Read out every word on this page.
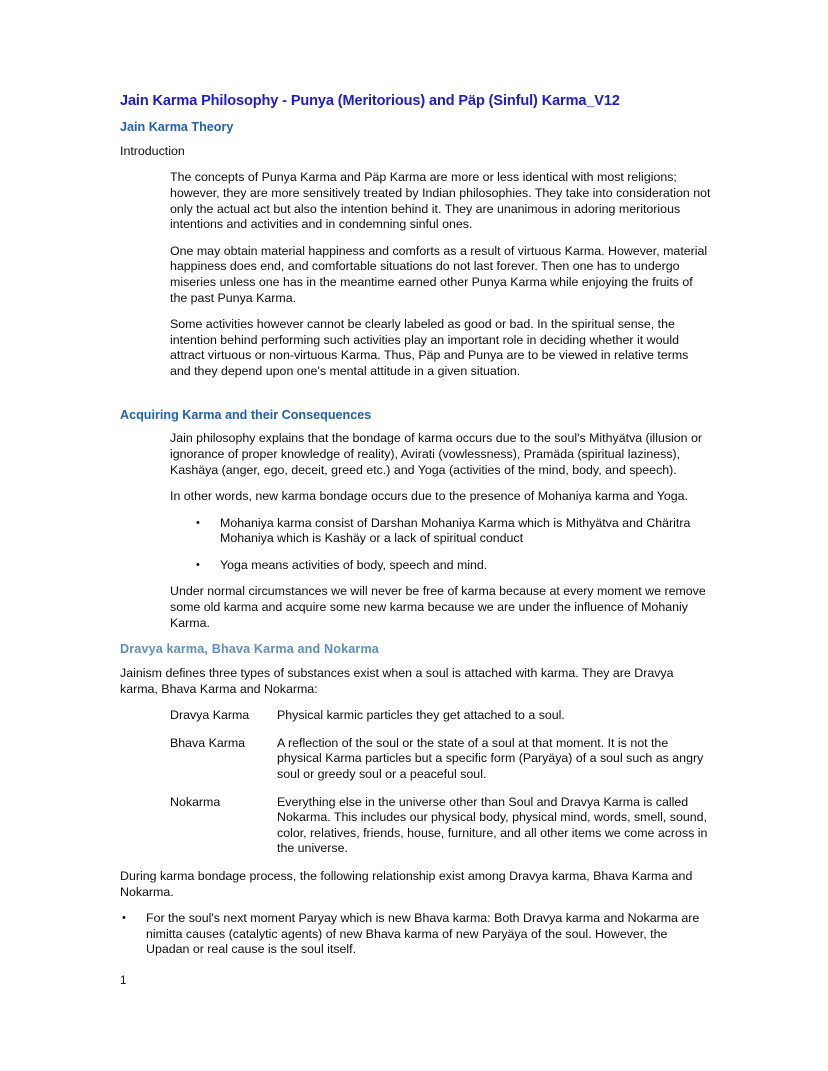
Jain Karma Philosophy - Punya (Meritorious) and Päp (Sinful) Karma_V12
Jain Karma Theory

Introduction

The concepts of Punya Karma and Päp Karma are more or less identical with most religions; however, they are more sensitively treated by Indian philosophies. They take into consideration not only the actual act but also the intention behind it. They are unanimous in adoring meritorious intentions and activities and in condemning sinful ones.

One may obtain material happiness and comforts as a result of virtuous Karma. However, material happiness does end, and comfortable situations do not last forever. Then one has to undergo miseries unless one has in the meantime earned other Punya Karma while enjoying the fruits of the past Punya Karma.

Some activities however cannot be clearly labeled as good or bad. In the spiritual sense, the intention behind performing such activities play an important role in deciding whether it would attract virtuous or non-virtuous Karma. Thus, Päp and Punya are to be viewed in relative terms and they depend upon one's mental attitude in a given situation.

Acquiring Karma and their Consequences

Jain philosophy explains that the bondage of karma occurs due to the soul's Mithyätva (illusion or ignorance of proper knowledge of reality), Avirati (vowlessness), Pramäda (spiritual laziness), Kashäya (anger, ego, deceit, greed etc.) and Yoga (activities of the mind, body, and speech).

In other words, new karma bondage occurs due to the presence of Mohaniya karma and Yoga.

•	Mohaniya karma consist of Darshan Mohaniya Karma which is Mithyätva and Chäritra Mohaniya which is Kashäy or a lack of spiritual conduct
•	Yoga means activities of body, speech and mind.

Under normal circumstances we will never be free of karma because at every moment we remove some old karma and acquire some new karma because we are under the influence of Mohaniy Karma.

Dravya karma, Bhava Karma and Nokarma

Jainism defines three types of substances exist when a soul is attached with karma. They are Dravya karma, Bhava Karma and Nokarma:

Dravya Karma	Physical karmic particles they get attached to a soul.
Bhava Karma	A reflection of the soul or the state of a soul at that moment. It is not the physical Karma particles but a specific form (Paryäya) of a soul such as angry soul or greedy soul or a peaceful soul.
Nokarma	Everything else in the universe other than Soul and Dravya Karma is called Nokarma. This includes our physical body, physical mind, words, smell, sound, color, relatives, friends, house, furniture, and all other items we come across in the universe.

During karma bondage process, the following relationship exist among Dravya karma, Bhava Karma and Nokarma.

•	For the soul's next moment Paryay which is new Bhava karma: Both Dravya karma and Nokarma are nimitta causes (catalytic agents) of new Bhava karma of new Paryäya of the soul. However, the Upadan or real cause is the soul itself.
1
